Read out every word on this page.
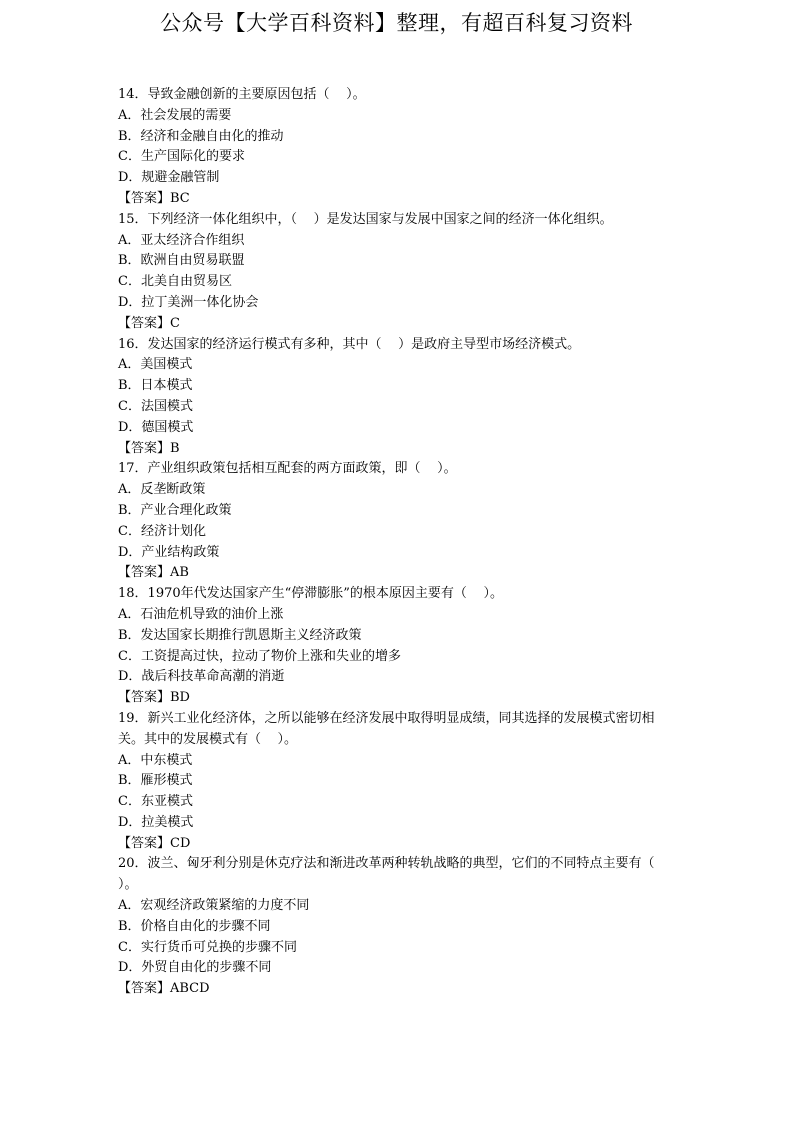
公众号【大学百科资料】整理，有超百科复习资料
14．导致金融创新的主要原因包括（    ）。
A．社会发展的需要
B．经济和金融自由化的推动
C．生产国际化的要求
D．规避金融管制
【答案】BC
15．下列经济一体化组织中，（    ）是发达国家与发展中国家之间的经济一体化组织。
A．亚太经济合作组织
B．欧洲自由贸易联盟
C．北美自由贸易区
D．拉丁美洲一体化协会
【答案】C
16．发达国家的经济运行模式有多种，其中（    ）是政府主导型市场经济模式。
A．美国模式
B．日本模式
C．法国模式
D．德国模式
【答案】B
17．产业组织政策包括相互配套的两方面政策，即（    ）。
A．反垄断政策
B．产业合理化政策
C．经济计划化
D．产业结构政策
【答案】AB
18．1970年代发达国家产生“停滞膨胀”的根本原因主要有（    ）。
A．石油危机导致的油价上涨
B．发达国家长期推行凯恩斯主义经济政策
C．工资提高过快，拉动了物价上涨和失业的增多
D．战后科技革命高潮的消逝
【答案】BD
19．新兴工业化经济体，之所以能够在经济发展中取得明显成绩，同其选择的发展模式密切相关。其中的发展模式有（    ）。
A．中东模式
B．雁形模式
C．东亚模式
D．拉美模式
【答案】CD
20．波兰、匈牙利分别是休克疗法和渐进改革两种转轨战略的典型，它们的不同特点主要有（    ）。
A．宏观经济政策紧缩的力度不同
B．价格自由化的步骤不同
C．实行货币可兑换的步骤不同
D．外贸自由化的步骤不同
【答案】ABCD
